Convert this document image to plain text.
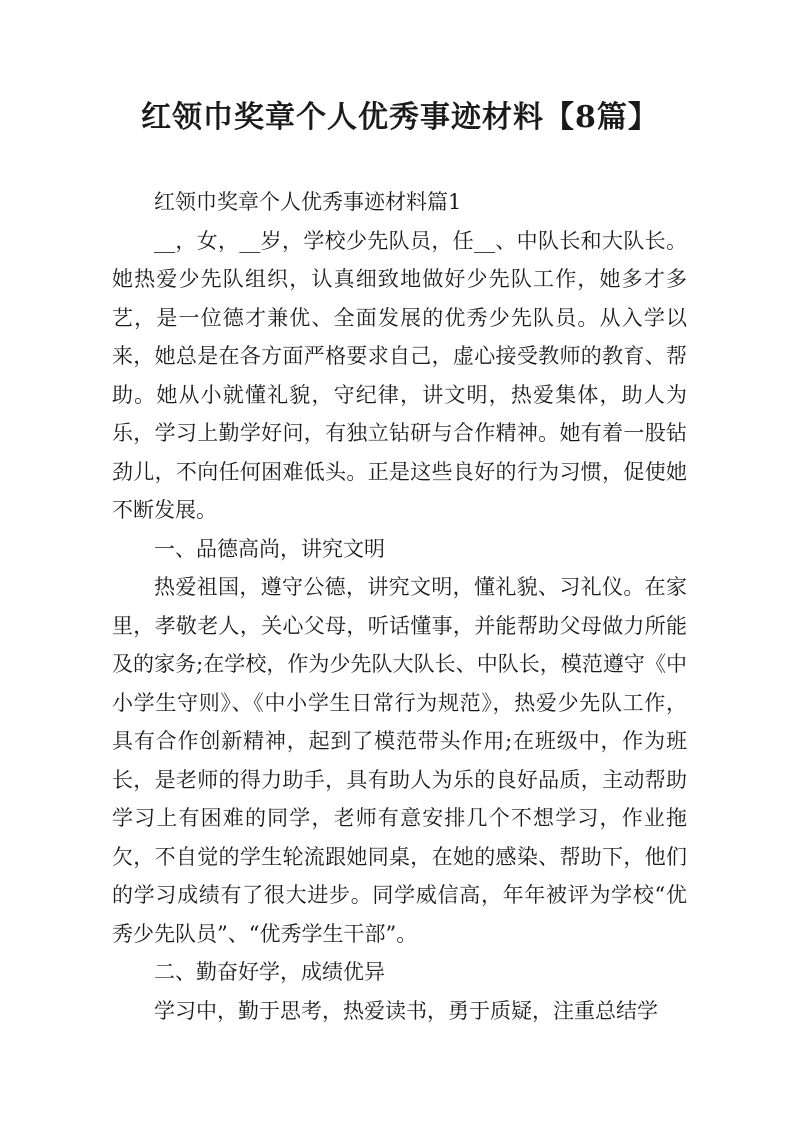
红领巾奖章个人优秀事迹材料【8篇】

红领巾奖章个人优秀事迹材料篇1

__，女，__岁，学校少先队员，任__、中队长和大队长。她热爱少先队组织，认真细致地做好少先队工作，她多才多艺，是一位德才兼优、全面发展的优秀少先队员。从入学以来，她总是在各方面严格要求自己，虚心接受教师的教育、帮助。她从小就懂礼貌，守纪律，讲文明，热爱集体，助人为乐，学习上勤学好问，有独立钻研与合作精神。她有着一股钻劲儿，不向任何困难低头。正是这些良好的行为习惯，促使她不断发展。

一、品德高尚，讲究文明

热爱祖国，遵守公德，讲究文明，懂礼貌、习礼仪。在家里，孝敬老人，关心父母，听话懂事，并能帮助父母做力所能及的家务;在学校，作为少先队大队长、中队长，模范遵守《中小学生守则》、《中小学生日常行为规范》，热爱少先队工作，具有合作创新精神，起到了模范带头作用;在班级中，作为班长，是老师的得力助手，具有助人为乐的良好品质，主动帮助学习上有困难的同学，老师有意安排几个不想学习，作业拖欠，不自觉的学生轮流跟她同桌，在她的感染、帮助下，他们的学习成绩有了很大进步。同学威信高，年年被评为学校“优秀少先队员”、“优秀学生干部”。

二、勤奋好学，成绩优异

学习中，勤于思考，热爱读书，勇于质疑，注重总结学
